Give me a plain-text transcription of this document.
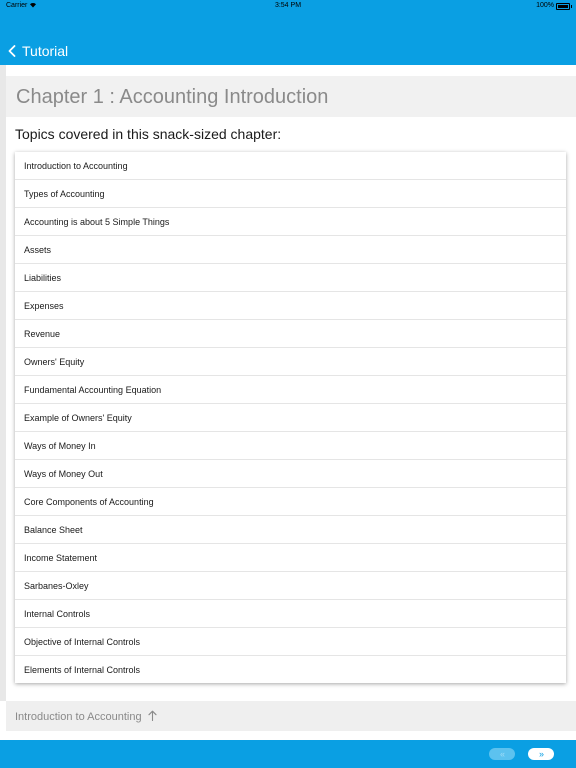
Carrier	3:54 PM	100%
Tutorial
Chapter 1 : Accounting Introduction
Topics covered in this snack-sized chapter:
Introduction to Accounting
Types of Accounting
Accounting is about 5 Simple Things
Assets
Liabilities
Expenses
Revenue
Owners' Equity
Fundamental Accounting Equation
Example of Owners' Equity
Ways of Money In
Ways of Money Out
Core Components of Accounting
Balance Sheet
Income Statement
Sarbanes-Oxley
Internal Controls
Objective of Internal Controls
Elements of Internal Controls
Introduction to Accounting
‹‹	››
